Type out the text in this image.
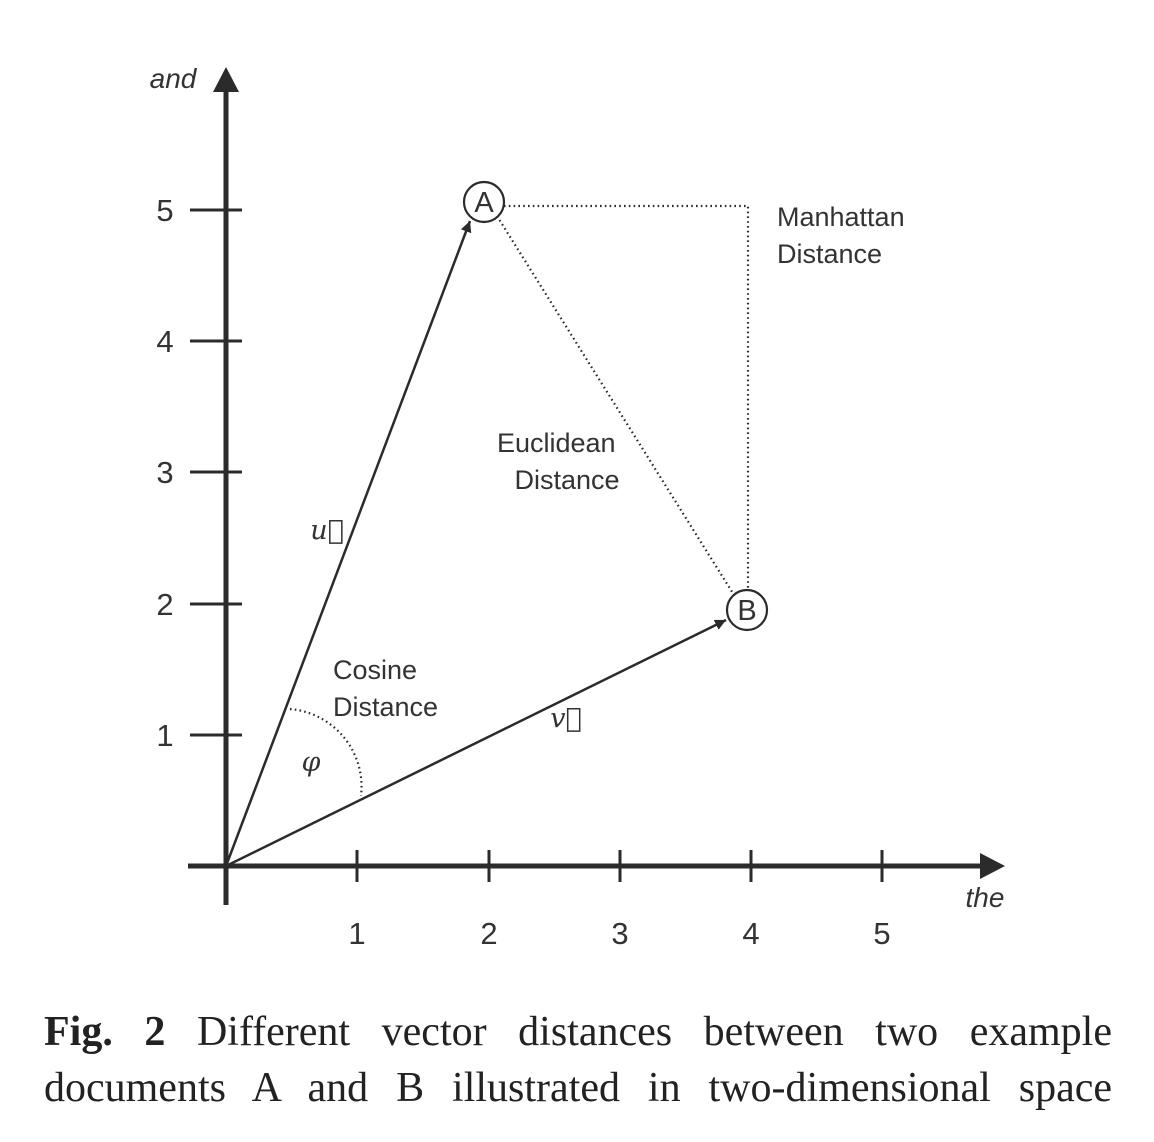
1	2	3	4	5
1
2
3
4
5
the
and
A
B
u⃗
v⃗
φ
Cosine Distance
Euclidean Distance
Manhattan Distance
Fig. 2 Different vector distances between two example documents A and B illustrated in two-dimensional space
